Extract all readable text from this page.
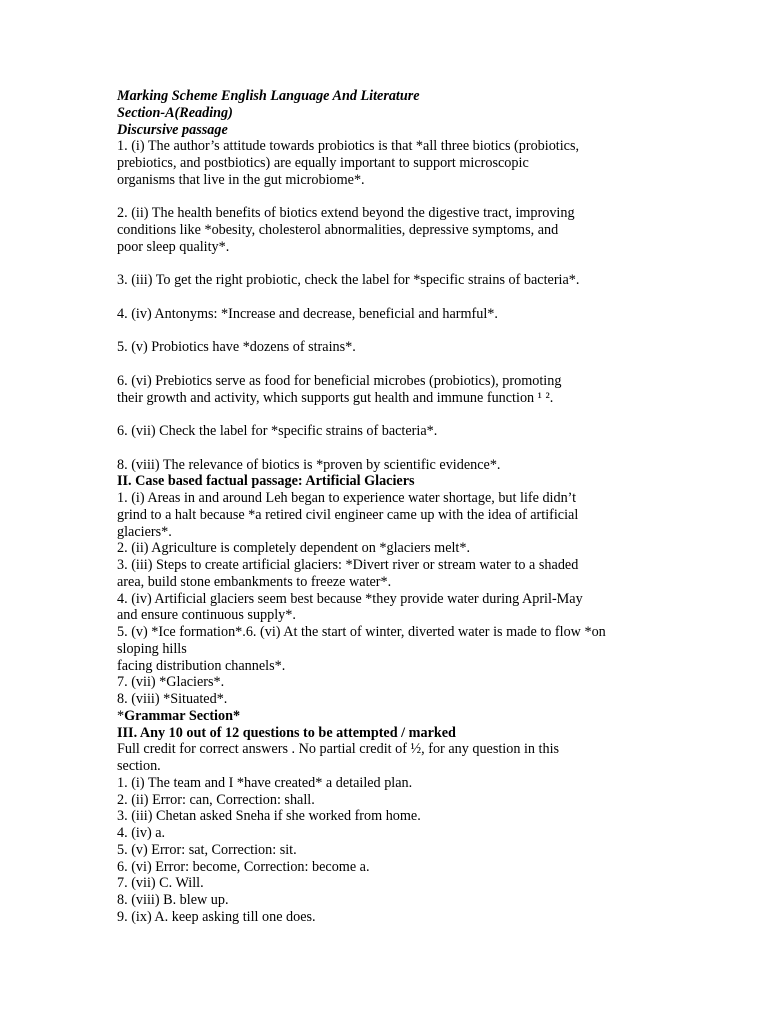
Marking Scheme English Language And Literature
Section-A(Reading)
Discursive passage
1. (i) The author’s attitude towards probiotics is that *all three biotics (probiotics,
prebiotics, and postbiotics) are equally important to support microscopic
organisms that live in the gut microbiome*.
2. (ii) The health benefits of biotics extend beyond the digestive tract, improving
conditions like *obesity, cholesterol abnormalities, depressive symptoms, and
poor sleep quality*.
3. (iii) To get the right probiotic, check the label for *specific strains of bacteria*.
4. (iv) Antonyms: *Increase and decrease, beneficial and harmful*.
5. (v) Probiotics have *dozens of strains*.
6. (vi) Prebiotics serve as food for beneficial microbes (probiotics), promoting
their growth and activity, which supports gut health and immune function ¹ ².
6. (vii) Check the label for *specific strains of bacteria*.
8. (viii) The relevance of biotics is *proven by scientific evidence*.
II. Case based factual passage: Artificial Glaciers
1. (i) Areas in and around Leh began to experience water shortage, but life didn’t
grind to a halt because *a retired civil engineer came up with the idea of artificial
glaciers*.
2. (ii) Agriculture is completely dependent on *glaciers melt*.
3. (iii) Steps to create artificial glaciers: *Divert river or stream water to a shaded
area, build stone embankments to freeze water*.
4. (iv) Artificial glaciers seem best because *they provide water during April-May
and ensure continuous supply*.
5. (v) *Ice formation*.6. (vi) At the start of winter, diverted water is made to flow *on
sloping hills
facing distribution channels*.
7. (vii) *Glaciers*.
8. (viii) *Situated*.
*Grammar Section*
III. Any 10 out of 12 questions to be attempted / marked
Full credit for correct answers . No partial credit of ½, for any question in this
section.
1. (i) The team and I *have created* a detailed plan.
2. (ii) Error: can, Correction: shall.
3. (iii) Chetan asked Sneha if she worked from home.
4. (iv) a.
5. (v) Error: sat, Correction: sit.
6. (vi) Error: become, Correction: become a.
7. (vii) C. Will.
8. (viii) B. blew up.
9. (ix) A. keep asking till one does.
